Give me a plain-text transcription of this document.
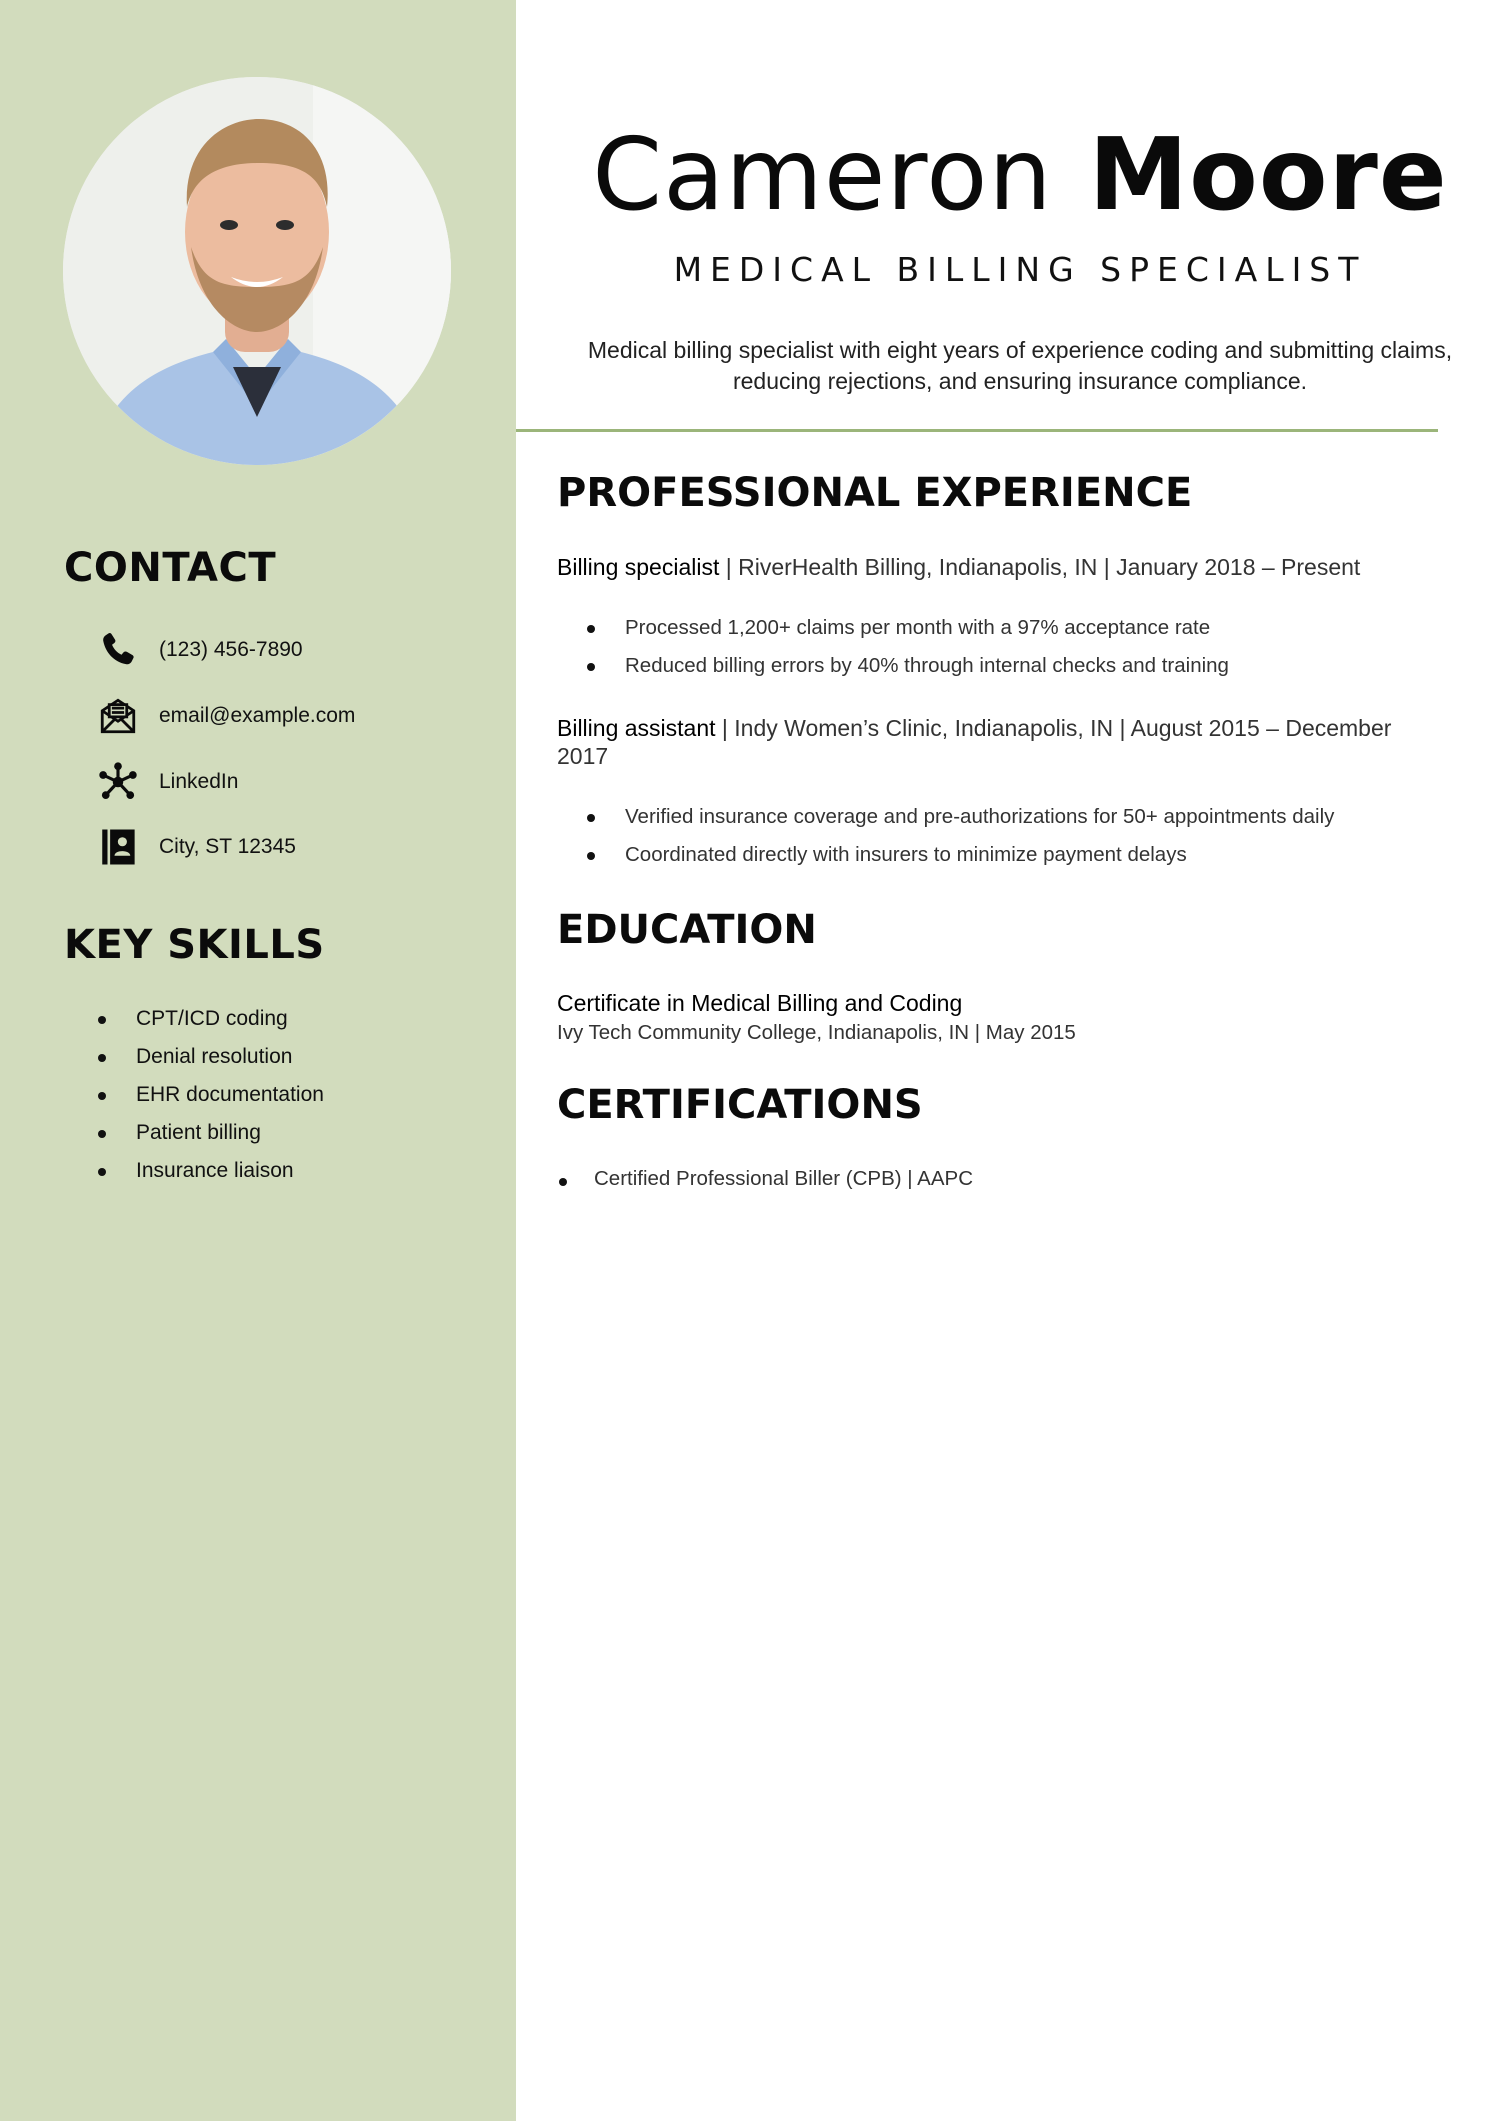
CONTACT
(123) 456-7890
email@example.com
LinkedIn
City, ST 12345
KEY SKILLS
CPT/ICD coding
Denial resolution
EHR documentation
Patient billing
Insurance liaison
Cameron Moore

MEDICAL BILLING SPECIALIST

Medical billing specialist with eight years of experience coding and submitting claims, reducing rejections, and ensuring insurance compliance.

PROFESSIONAL EXPERIENCE

Billing specialist | RiverHealth Billing, Indianapolis, IN | January 2018 – Present

Processed 1,200+ claims per month with a 97% acceptance rate
Reduced billing errors by 40% through internal checks and training

Billing assistant | Indy Women’s Clinic, Indianapolis, IN | August 2015 – December 2017

Verified insurance coverage and pre-authorizations for 50+ appointments daily
Coordinated directly with insurers to minimize payment delays
EDUCATION

Certificate in Medical Billing and Coding

Ivy Tech Community College, Indianapolis, IN | May 2015

CERTIFICATIONS
Certified Professional Biller (CPB) | AAPC
